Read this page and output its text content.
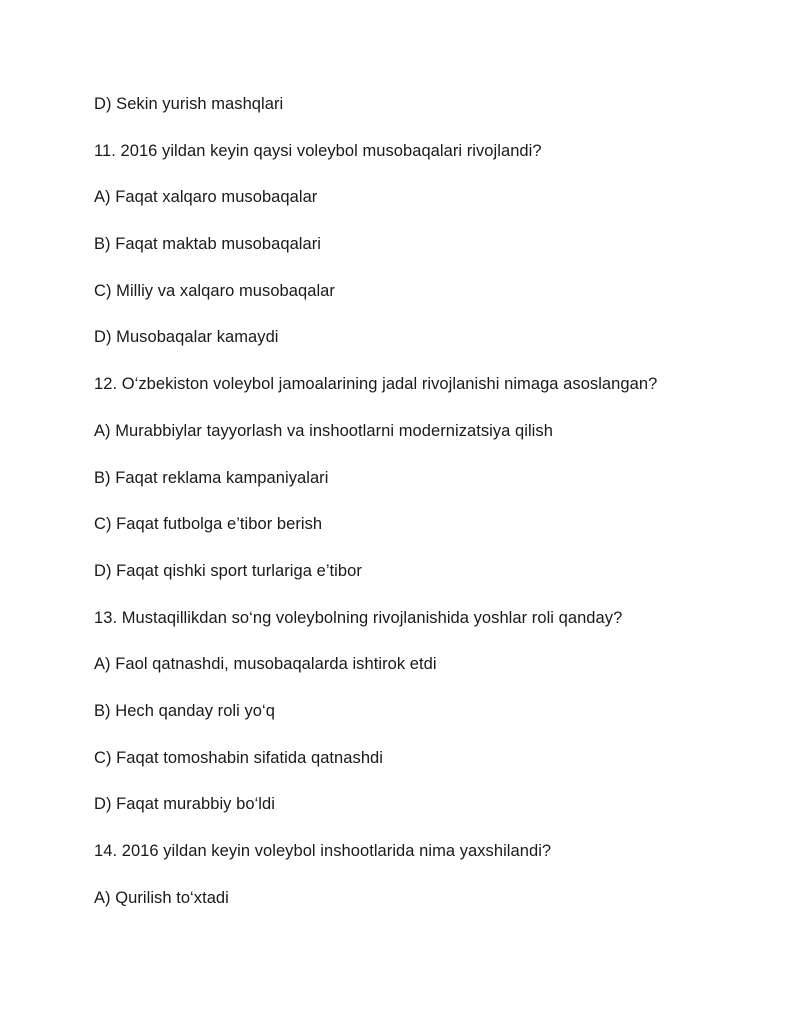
D) Sekin yurish mashqlari
11. 2016 yildan keyin qaysi voleybol musobaqalari rivojlandi?
A) Faqat xalqaro musobaqalar
B) Faqat maktab musobaqalari
C) Milliy va xalqaro musobaqalar
D) Musobaqalar kamaydi
12. O‘zbekiston voleybol jamoalarining jadal rivojlanishi nimaga asoslangan?
A) Murabbiylar tayyorlash va inshootlarni modernizatsiya qilish
B) Faqat reklama kampaniyalari
C) Faqat futbolga e’tibor berish
D) Faqat qishki sport turlariga e’tibor
13. Mustaqillikdan so‘ng voleybolning rivojlanishida yoshlar roli qanday?
A) Faol qatnashdi, musobaqalarda ishtirok etdi
B) Hech qanday roli yo‘q
C) Faqat tomoshabin sifatida qatnashdi
D) Faqat murabbiy bo‘ldi
14. 2016 yildan keyin voleybol inshootlarida nima yaxshilandi?
A) Qurilish to‘xtadi
